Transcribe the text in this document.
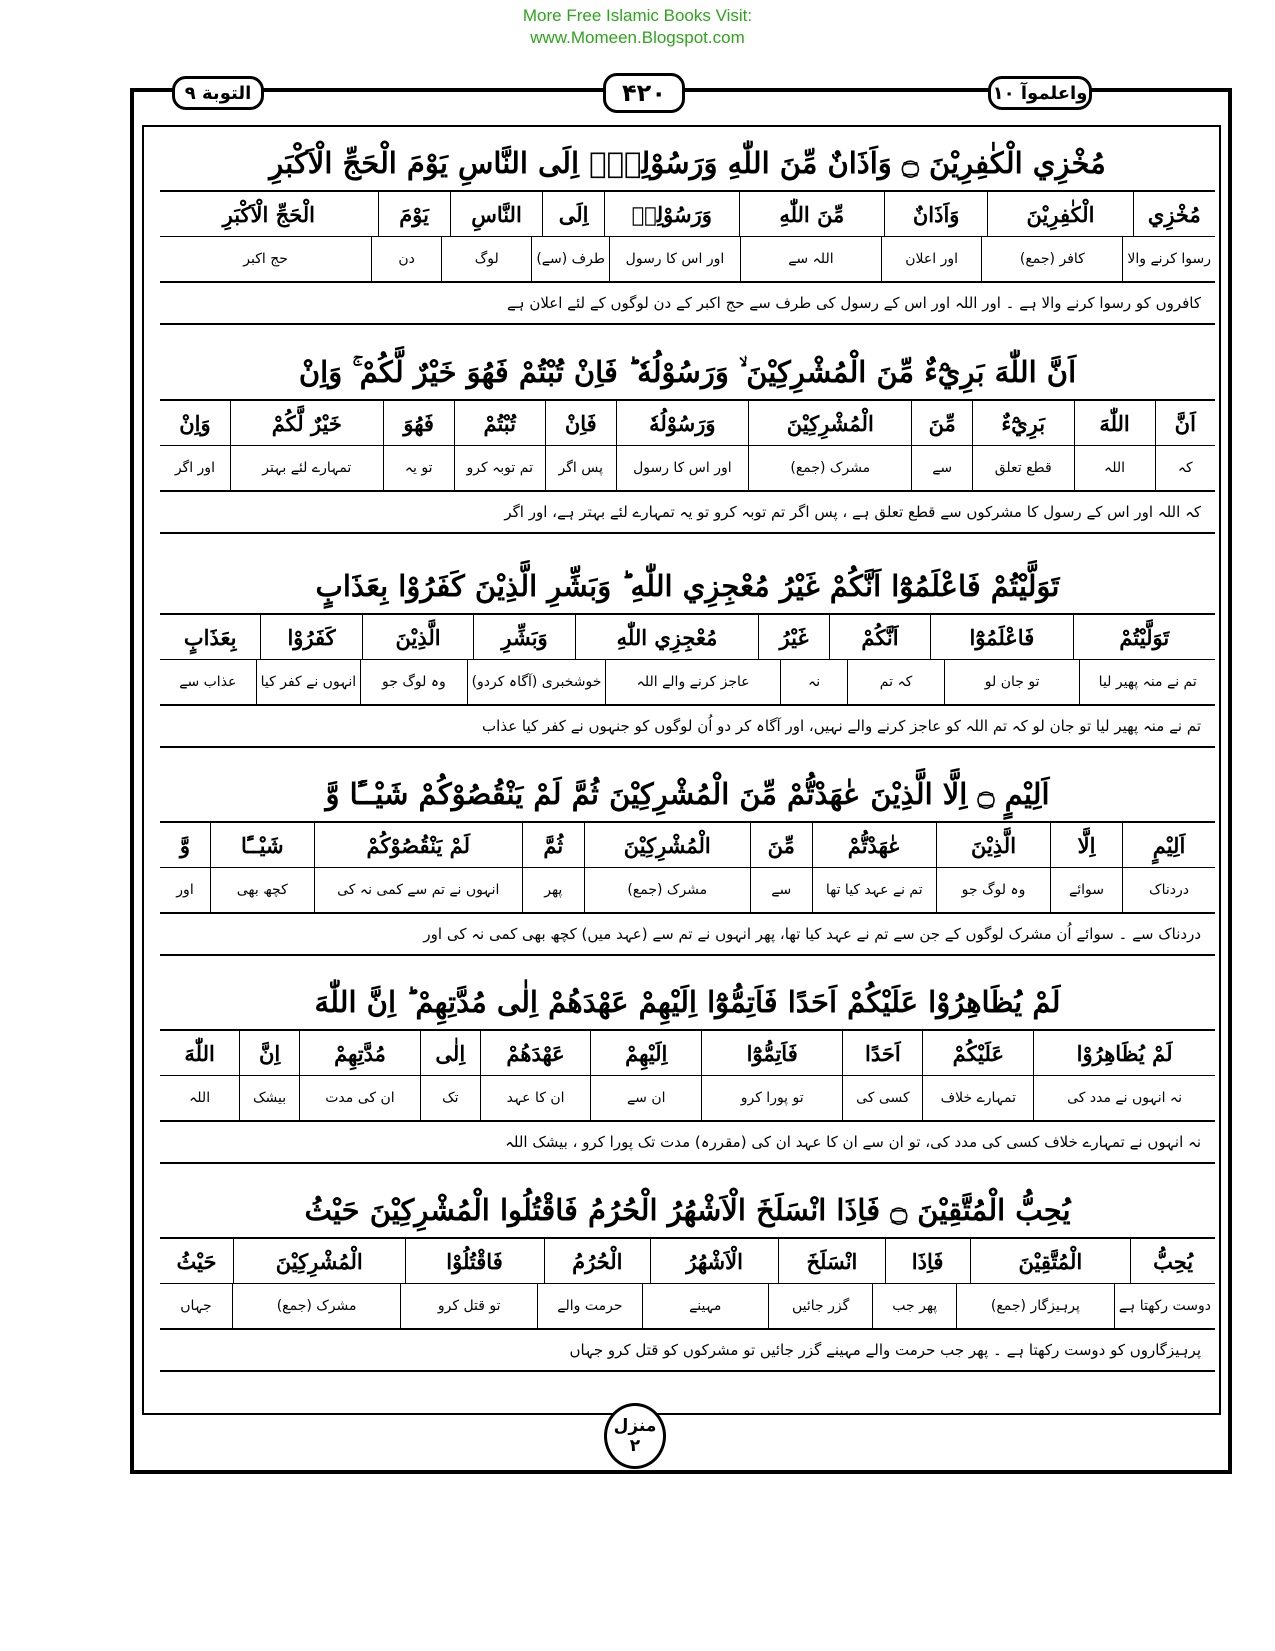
More Free Islamic Books Visit:
www.Momeen.Blogspot.com
التوبة ۹	۴۲۰	واعلموآ ۱۰
مُخْزِي الْكٰفِرِيْنَ ۝ وَاَذَانٌ مِّنَ اللّٰهِ وَرَسُوْلِهٖٓ اِلَى النَّاسِ يَوْمَ الْحَجِّ الْاَكْبَرِ
مُخْزِي
الْكٰفِرِيْنَ
وَاَذَانٌ
مِّنَ اللّٰهِ
وَرَسُوْلِهٖ
اِلَى
النَّاسِ
يَوْمَ
الْحَجِّ الْاَكْبَرِ
رسوا کرنے والا
کافر (جمع)
اور اعلان
اللہ سے
اور اس کا رسول
طرف (سے)
لوگ
دن
حج اکبر
کافروں کو رسوا کرنے والا ہے ۔ اور اللہ اور اس کے رسول کی طرف سے حج اکبر کے دن لوگوں کے لئے اعلان ہے
اَنَّ اللّٰهَ بَرِيْٓءٌ مِّنَ الْمُشْرِكِيْنَ ۙ وَرَسُوْلُهٗ ؕ فَاِنْ تُبْتُمْ فَهُوَ خَيْرٌ لَّكُمْ ۚ وَاِنْ
اَنَّ
اللّٰهَ
بَرِيْٓءٌ
مِّنَ
الْمُشْرِكِيْنَ
وَرَسُوْلُهٗ
فَاِنْ
تُبْتُمْ
فَهُوَ
خَيْرٌ لَّكُمْ
وَاِنْ
کہ
اللہ
قطع تعلق
سے
مشرک (جمع)
اور اس کا رسول
پس اگر
تم توبہ کرو
تو یہ
تمہارے لئے بہتر
اور اگر
کہ اللہ اور اس کے رسول کا مشرکوں سے قطع تعلق ہے ، پس اگر تم توبہ کرو تو یہ تمہارے لئے بہتر ہے، اور اگر
تَوَلَّيْتُمْ فَاعْلَمُوْٓا اَنَّكُمْ غَيْرُ مُعْجِزِي اللّٰهِ ؕ وَبَشِّرِ الَّذِيْنَ كَفَرُوْا بِعَذَابٍ
تَوَلَّيْتُمْ
فَاعْلَمُوْٓا
اَنَّكُمْ
غَيْرُ
مُعْجِزِي اللّٰهِ
وَبَشِّرِ
الَّذِيْنَ
كَفَرُوْا
بِعَذَابٍ
تم نے منہ پھیر لیا
تو جان لو
کہ تم
نہ
عاجز کرنے والے اللہ
خوشخبری (آگاہ کردو)
وہ لوگ جو
انہوں نے کفر کیا
عذاب سے
تم نے منہ پھیر لیا تو جان لو کہ تم اللہ کو عاجز کرنے والے نہیں، اور آگاہ کر دو اُن لوگوں کو جنہوں نے کفر کیا عذاب
اَلِيْمٍ ۝ اِلَّا الَّذِيْنَ عٰهَدْتُّمْ مِّنَ الْمُشْرِكِيْنَ ثُمَّ لَمْ يَنْقُصُوْكُمْ شَيْــًٔا وَّ
اَلِيْمٍ
اِلَّا
الَّذِيْنَ
عٰهَدْتُّمْ
مِّنَ
الْمُشْرِكِيْنَ
ثُمَّ
لَمْ يَنْقُصُوْكُمْ
شَيْــًٔا
وَّ
دردناک
سوائے
وہ لوگ جو
تم نے عہد کیا تھا
سے
مشرک (جمع)
پھر
انہوں نے تم سے کمی نہ کی
کچھ بھی
اور
دردناک سے ۔ سوائے اُن مشرک لوگوں کے جن سے تم نے عہد کیا تھا، پھر انہوں نے تم سے (عہد میں) کچھ بھی کمی نہ کی اور
لَمْ يُظَاهِرُوْا عَلَيْكُمْ اَحَدًا فَاَتِمُّوْٓا اِلَيْهِمْ عَهْدَهُمْ اِلٰى مُدَّتِهِمْ ؕ اِنَّ اللّٰهَ
لَمْ يُظَاهِرُوْا
عَلَيْكُمْ
اَحَدًا
فَاَتِمُّوْٓا
اِلَيْهِمْ
عَهْدَهُمْ
اِلٰى
مُدَّتِهِمْ
اِنَّ
اللّٰهَ
نہ انہوں نے مدد کی
تمہارے خلاف
کسی کی
تو پورا کرو
ان سے
ان کا عہد
تک
ان کی مدت
بیشک
اللہ
نہ انہوں نے تمہارے خلاف کسی کی مدد کی، تو ان سے ان کا عہد ان کی (مقررہ) مدت تک پورا کرو ، بیشک اللہ
يُحِبُّ الْمُتَّقِيْنَ ۝ فَاِذَا انْسَلَخَ الْاَشْهُرُ الْحُرُمُ فَاقْتُلُوا الْمُشْرِكِيْنَ حَيْثُ
يُحِبُّ
الْمُتَّقِيْنَ
فَاِذَا
انْسَلَخَ
الْاَشْهُرُ
الْحُرُمُ
فَاقْتُلُوْا
الْمُشْرِكِيْنَ
حَيْثُ
دوست رکھتا ہے
پرہیزگار (جمع)
پھر جب
گزر جائیں
مہینے
حرمت والے
تو قتل کرو
مشرک (جمع)
جہاں
پرہیزگاروں کو دوست رکھتا ہے ۔ پھر جب حرمت والے مہینے گزر جائیں تو مشرکوں کو قتل کرو جہاں
منزل
۲
